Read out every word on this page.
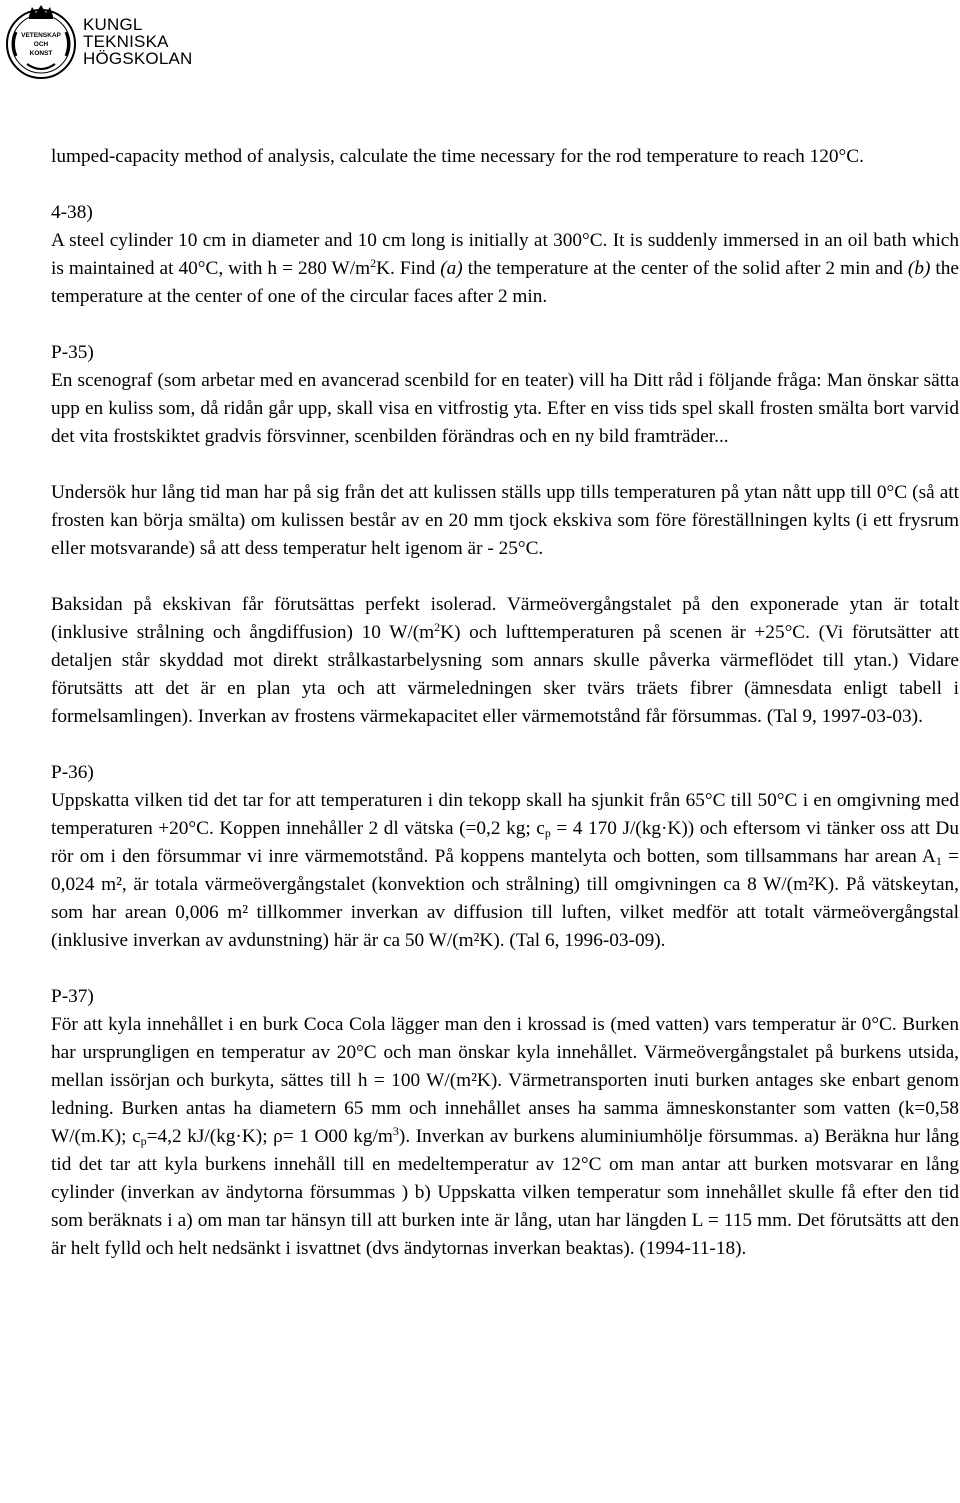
VETENSKAP
OCH
KONST
KUNGL
TEKNISKA
HÖGSKOLAN

lumped-capacity method of analysis, calculate the time necessary for the rod temperature to reach 120°C.

4-38)

A steel cylinder 10 cm in diameter and 10 cm long is initially at 300°C. It is suddenly immersed in an oil bath which is maintained at 40°C, with h = 280 $W/m^2K$. Find (a) the temperature at the center of the solid after 2 min and (b) the temperature at the center of one of the circular faces after 2 min.

P-35)

En scenograf (som arbetar med en avancerad scenbild for en teater) vill ha Ditt råd i följande fråga: Man önskar sätta upp en kuliss som, då ridån går upp, skall visa en vitfrostig yta. Efter en viss tids spel skall frosten smälta bort varvid det vita frostskiktet gradvis försvinner, scenbilden förändras och en ny bild framträder...

Undersök hur lång tid man har på sig från det att kulissen ställs upp tills temperaturen på ytan nått upp till 0°C (så att frosten kan börja smälta) om kulissen består av en 20 mm tjock ekskiva som före föreställningen kylts (i ett frysrum eller motsvarande) så att dess temperatur helt igenom är - 25°C.

Baksidan på ekskivan får förutsättas perfekt isolerad. Värmeövergångstalet på den exponerade ytan är totalt (inklusive strålning och ångdiffusion) 10 $W/(m^2K)$ och lufttemperaturen på scenen är +25°C. (Vi förutsätter att detaljen står skyddad mot direkt strålkastarbelysning som annars skulle påverka värmeflödet till ytan.) Vidare förutsätts att det är en plan yta och att värmeledningen sker tvärs träets fibrer (ämnesdata enligt tabell i formelsamlingen). Inverkan av frostens värmekapacitet eller värmemotstånd får försummas. (Tal 9, 1997-03-03).

P-36)

Uppskatta vilken tid det tar for att temperaturen i din tekopp skall ha sjunkit från 65°C till 50°C i en omgivning med temperaturen +20°C. Koppen innehåller 2 dl vätska (=0,2 kg; $c_p = 4$ 170 J/(kg·K)) och eftersom vi tänker oss att Du rör om i den försummar vi inre värmemotstånd. På koppens mantelyta och botten, som tillsammans har arean $A_1 = 0,024$ m², är totala värmeövergångstalet (konvektion och strålning) till omgivningen ca 8 W/(m²K). På vätskeytan, som har arean 0,006 m² tillkommer inverkan av diffusion till luften, vilket medför att totalt värmeövergångstal (inklusive inverkan av avdunstning) här är ca 50 W/(m²K). (Tal 6, 1996-03-09).

P-37)

För att kyla innehållet i en burk Coca Cola lägger man den i krossad is (med vatten) vars temperatur är 0°C. Burken har ursprungligen en temperatur av 20°C och man önskar kyla innehållet. Värmeövergångstalet på burkens utsida, mellan issörjan och burkyta, sättes till h = 100 W/(m²K). Värmetransporten inuti burken antages ske enbart genom ledning. Burken antas ha diametern 65 mm och innehållet anses ha samma ämneskonstanter som vatten (k=0,58 W/(m.K); $c_p=4,2$ kJ/(kg·K); ρ= 1 O00 $kg/m^3$). Inverkan av burkens aluminiumhölje försummas. a) Beräkna hur lång tid det tar att kyla burkens innehåll till en medeltemperatur av 12°C om man antar att burken motsvarar en lång cylinder (inverkan av ändytorna försummas ) b) Uppskatta vilken temperatur som innehållet skulle få efter den tid som beräknats i a) om man tar hänsyn till att burken inte är lång, utan har längden L = 115 mm. Det förutsätts att den är helt fylld och helt nedsänkt i isvattnet (dvs ändytornas inverkan beaktas). (1994-11-18).
